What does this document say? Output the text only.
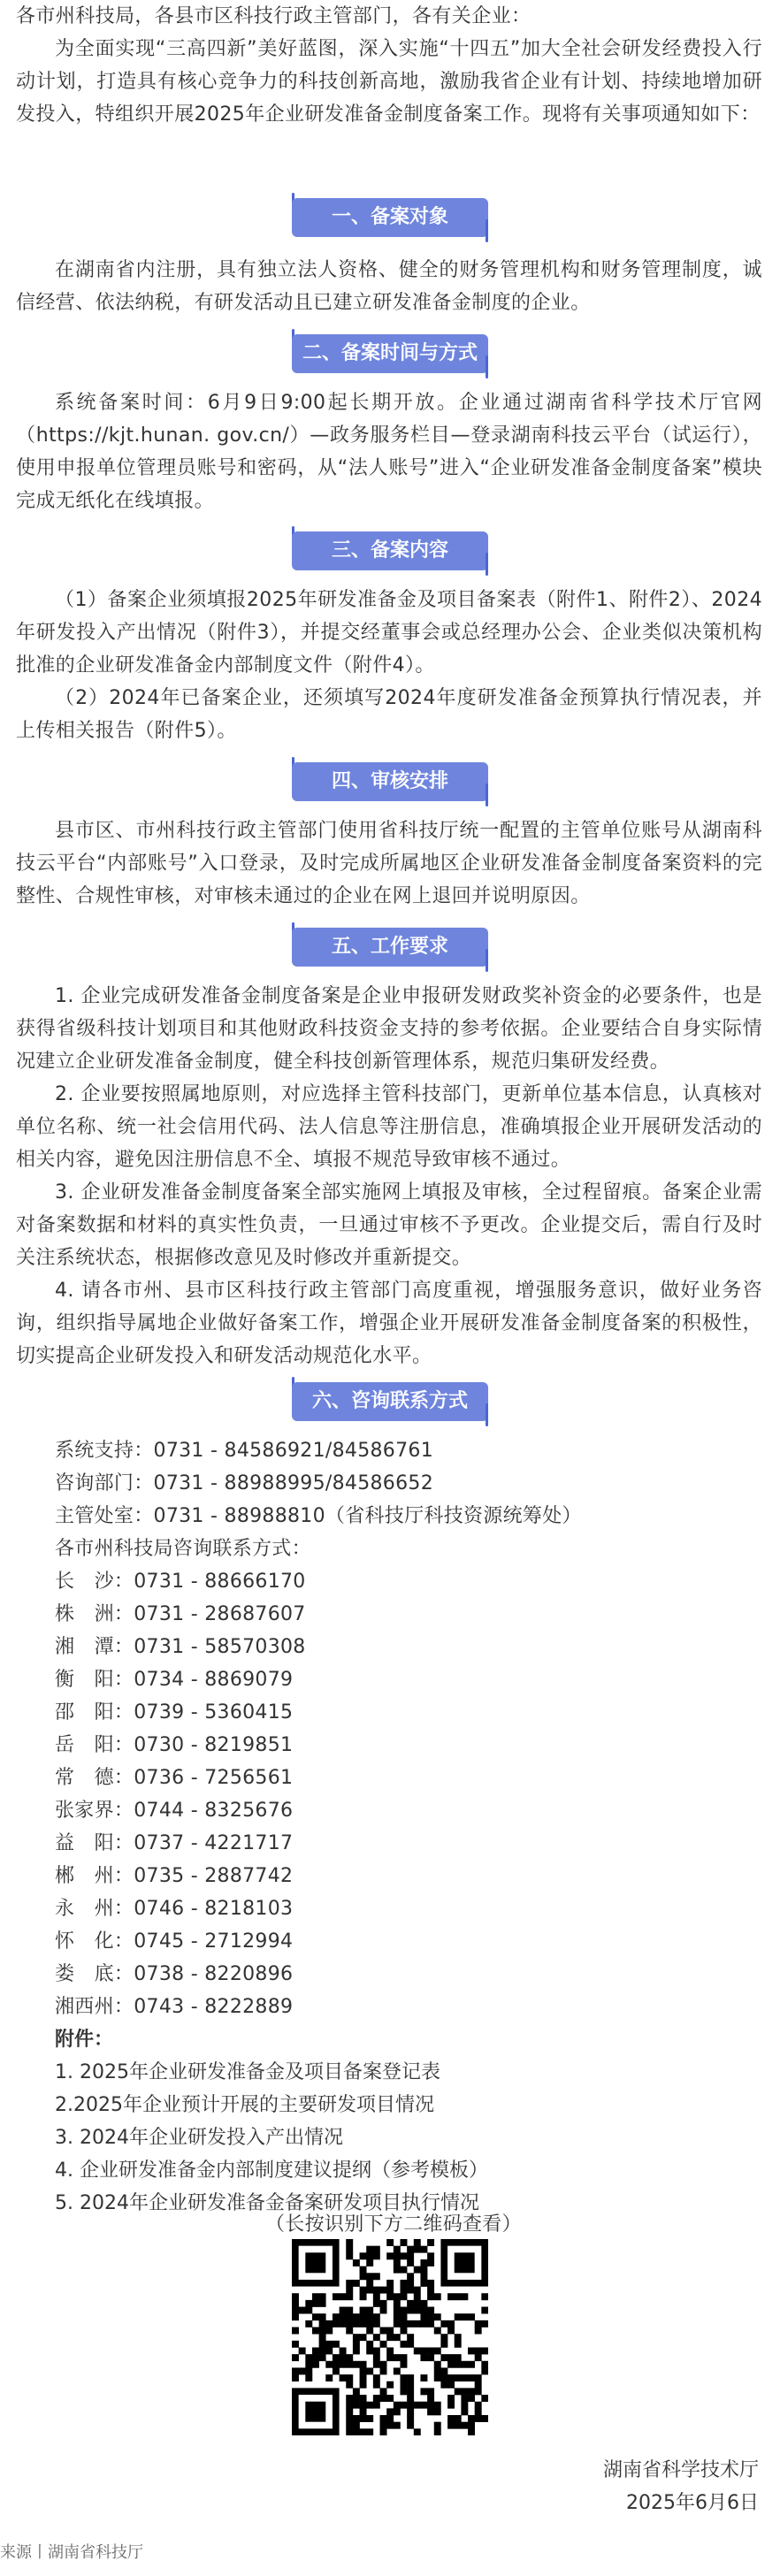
各市州科技局，各县市区科技行政主管部门，各有关企业：

为全面实现“三高四新”美好蓝图，深入实施“十四五”加大全社会研发经费投入行动计划，打造具有核心竞争力的科技创新高地，激励我省企业有计划、持续地增加研发投入，特组织开展2025年企业研发准备金制度备案工作。现将有关事项通知如下：

一、备案对象

在湖南省内注册，具有独立法人资格、健全的财务管理机构和财务管理制度，诚信经营、依法纳税，有研发活动且已建立研发准备金制度的企业。

二、备案时间与方式

系统备案时间：6月9日9:00起长期开放。企业通过湖南省科学技术厅官网（https://kjt.hunan. gov.cn/）—政务服务栏目—登录湖南科技云平台（试运行），使用申报单位管理员账号和密码，从“法人账号”进入“企业研发准备金制度备案”模块完成无纸化在线填报。

三、备案内容

（1）备案企业须填报2025年研发准备金及项目备案表（附件1、附件2）、2024年研发投入产出情况（附件3），并提交经董事会或总经理办公会、企业类似决策机构批准的企业研发准备金内部制度文件（附件4）。

（2）2024年已备案企业，还须填写2024年度研发准备金预算执行情况表，并上传相关报告（附件5）。

四、审核安排

县市区、市州科技行政主管部门使用省科技厅统一配置的主管单位账号从湖南科技云平台“内部账号”入口登录，及时完成所属地区企业研发准备金制度备案资料的完整性、合规性审核，对审核未通过的企业在网上退回并说明原因。

五、工作要求

1. 企业完成研发准备金制度备案是企业申报研发财政奖补资金的必要条件，也是获得省级科技计划项目和其他财政科技资金支持的参考依据。企业要结合自身实际情况建立企业研发准备金制度，健全科技创新管理体系，规范归集研发经费。

2. 企业要按照属地原则，对应选择主管科技部门，更新单位基本信息，认真核对单位名称、统一社会信用代码、法人信息等注册信息，准确填报企业开展研发活动的相关内容，避免因注册信息不全、填报不规范导致审核不通过。

3. 企业研发准备金制度备案全部实施网上填报及审核，全过程留痕。备案企业需对备案数据和材料的真实性负责，一旦通过审核不予更改。企业提交后，需自行及时关注系统状态，根据修改意见及时修改并重新提交。

4. 请各市州、县市区科技行政主管部门高度重视，增强服务意识，做好业务咨询，组织指导属地企业做好备案工作，增强企业开展研发准备金制度备案的积极性，切实提高企业研发投入和研发活动规范化水平。

六、咨询联系方式
系统支持：0731 - 84586921/84586761
咨询部门：0731 - 88988995/84586652
主管处室：0731 - 88988810（省科技厅科技资源统筹处）
各市州科技局咨询联系方式：
长　沙：0731 - 88666170
株　洲：0731 - 28687607
湘　潭：0731 - 58570308
衡　阳：0734 - 8869079
邵　阳：0739 - 5360415
岳　阳：0730 - 8219851
常　德：0736 - 7256561
张家界：0744 - 8325676
益　阳：0737 - 4221717
郴　州：0735 - 2887742
永　州：0746 - 8218103
怀　化：0745 - 2712994
娄　底：0738 - 8220896
湘西州：0743 - 8222889
附件：
1. 2025年企业研发准备金及项目备案登记表
2.2025年企业预计开展的主要研发项目情况
3. 2024年企业研发投入产出情况
4. 企业研发准备金内部制度建议提纲（参考模板）
5. 2024年企业研发准备金备案研发项目执行情况
（长按识别下方二维码查看）
湖南省科学技术厅
2025年6月6日
来源丨湖南省科技厅
